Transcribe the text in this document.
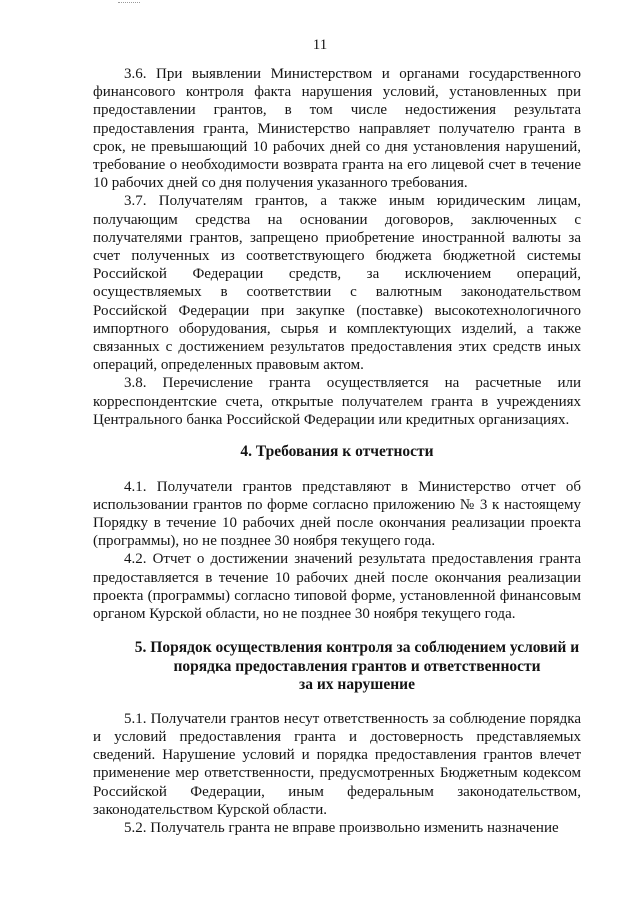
11

3.6. При выявлении Министерством и органами государственного финансового контроля факта нарушения условий, установленных при предоставлении грантов, в том числе недостижения результата предоставления гранта, Министерство направляет получателю гранта в срок, не превышающий 10 рабочих дней со дня установления нарушений, требование о необходимости возврата гранта на его лицевой счет в течение 10 рабочих дней со дня получения указанного требования.

3.7. Получателям грантов, а также иным юридическим лицам, получающим средства на основании договоров, заключенных с получателями грантов, запрещено приобретение иностранной валюты за счет полученных из соответствующего бюджета бюджетной системы Российской Федерации средств, за исключением операций, осуществляемых в соответствии с валютным законодательством Российской Федерации при закупке (поставке) высокотехнологичного импортного оборудования, сырья и комплектующих изделий, а также связанных с достижением результатов предоставления этих средств иных операций, определенных правовым актом.

3.8. Перечисление гранта осуществляется на расчетные или корреспондентские счета, открытые получателем гранта в учреждениях Центрального банка Российской Федерации или кредитных организациях.

4. Требования к отчетности

4.1. Получатели грантов представляют в Министерство отчет об использовании грантов по форме согласно приложению № 3 к настоящему Порядку в течение 10 рабочих дней после окончания реализации проекта (программы), но не позднее 30 ноября текущего года.

4.2. Отчет о достижении значений результата предоставления гранта предоставляется в течение 10 рабочих дней после окончания реализации проекта (программы) согласно типовой форме, установленной финансовым органом Курской области, но не позднее 30 ноября текущего года.

5. Порядок осуществления контроля за соблюдением условий и
порядка предоставления грантов и ответственности
за их нарушение

5.1. Получатели грантов несут ответственность за соблюдение порядка и условий предоставления гранта и достоверность представляемых сведений. Нарушение условий и порядка предоставления грантов влечет применение мер ответственности, предусмотренных Бюджетным кодексом Российской Федерации, иным федеральным законодательством, законодательством Курской области.

5.2. Получатель гранта не вправе произвольно изменить назначение
